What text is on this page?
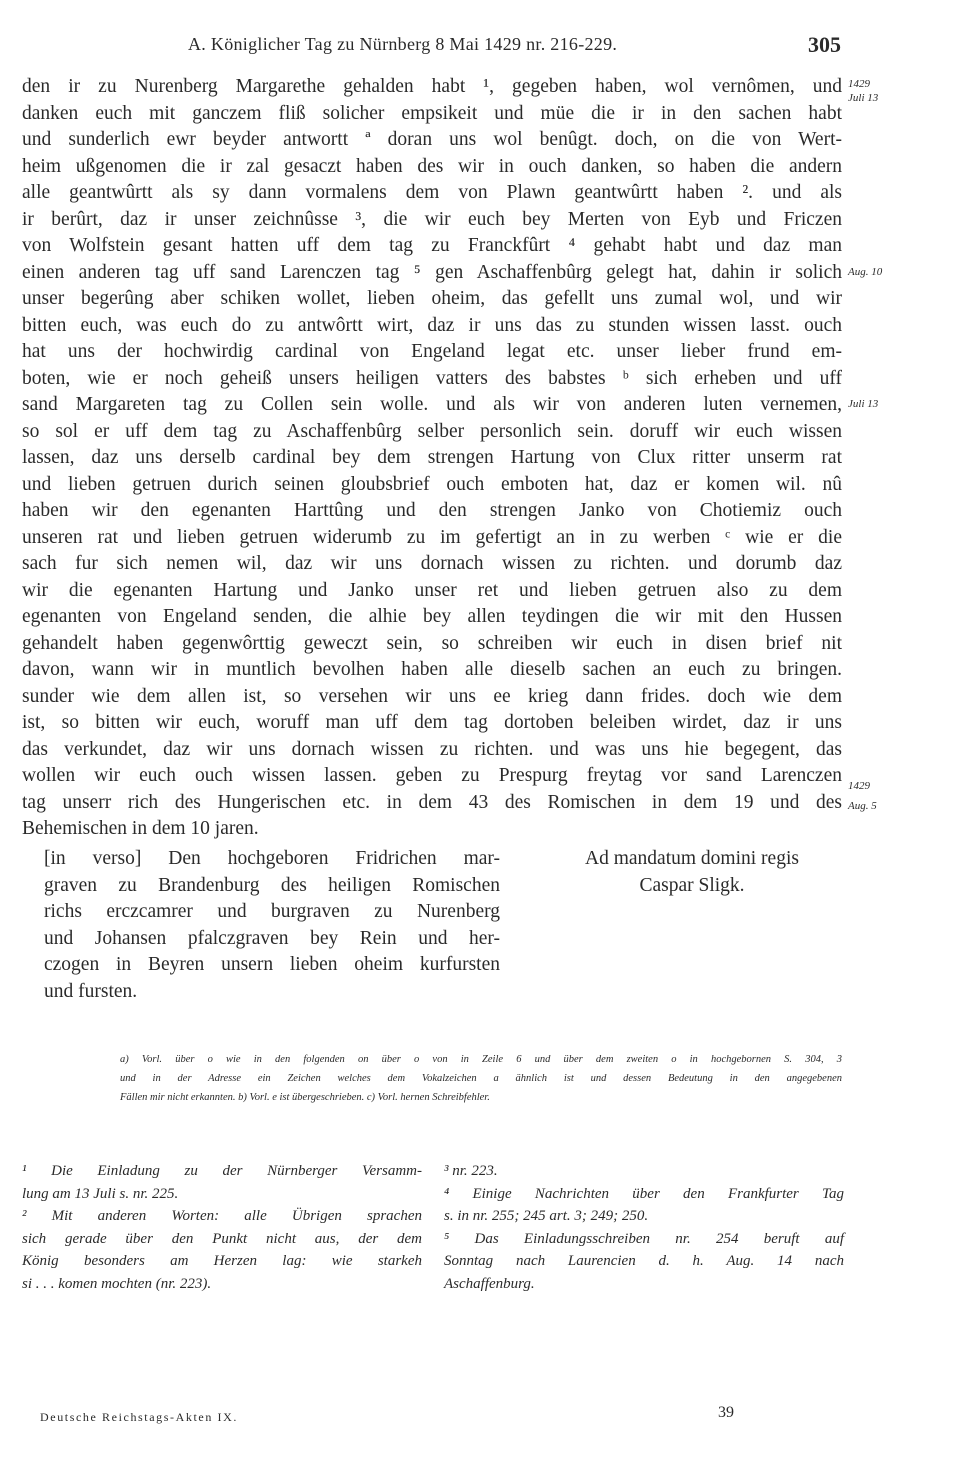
A. Königlicher Tag zu Nürnberg 8 Mai 1429 nr. 216-229.	305
den ir zu Nurenberg Margarethe gehalden habt ¹, gegeben haben, wol vernômen, und
danken euch mit ganczem fliß solicher empsikeit und müe die ir in den sachen habt
und sunderlich ewr beyder antwortt ª doran uns wol benûgt. doch, on die von Wert-
heim ußgenomen die ir zal gesaczt haben des wir in ouch danken, so haben die andern
alle geantwûrtt als sy dann vormalens dem von Plawn geantwûrtt haben ². und als
ir berûrt, daz ir unser zeichnûsse ³, die wir euch bey Merten von Eyb und Friczen
von Wolfstein gesant hatten uff dem tag zu Franckfûrt ⁴ gehabt habt und daz man
einen anderen tag uff sand Larenczen tag ⁵ gen Aschaffenbûrg gelegt hat, dahin ir solich
unser begerûng aber schiken wollet, lieben oheim, das gefellt uns zumal wol, und wir
bitten euch, was euch do zu antwôrtt wirt, daz ir uns das zu stunden wissen lasst. ouch
hat uns der hochwirdig cardinal von Engeland legat etc. unser lieber frund em-
boten, wie er noch geheiß unsers heiligen vatters des babstes ᵇ sich erheben und uff
sand Margareten tag zu Collen sein wolle. und als wir von anderen luten vernemen,
so sol er uff dem tag zu Aschaffenbûrg selber personlich sein. doruff wir euch wissen
lassen, daz uns derselb cardinal bey dem strengen Hartung von Clux ritter unserm rat
und lieben getruen durich seinen gloubsbrief ouch emboten hat, daz er komen wil. nû
haben wir den egenanten Harttûng und den strengen Janko von Chotiemiz ouch
unseren rat und lieben getruen widerumb zu im gefertigt an in zu werben ᶜ wie er die
sach fur sich nemen wil, daz wir uns dornach wissen zu richten. und dorumb daz
wir die egenanten Hartung und Janko unser ret und lieben getruen also zu dem
egenanten von Engeland senden, die alhie bey allen teydingen die wir mit den Hussen
gehandelt haben gegenwôrttig geweczt sein, so schreiben wir euch in disen brief nit
davon, wann wir in muntlich bevolhen haben alle dieselb sachen an euch zu bringen.
sunder wie dem allen ist, so versehen wir uns ee krieg dann frides. doch wie dem
ist, so bitten wir euch, woruff man uff dem tag dortoben beleiben wirdet, daz ir uns
das verkundet, daz wir uns dornach wissen zu richten. und was uns hie begegent, das
wollen wir euch ouch wissen lassen. geben zu Prespurg freytag vor sand Larenczen
tag unserr rich des Hungerischen etc. in dem 43 des Romischen in dem 19 und des
Behemischen in dem 10 jaren.
1429
Juli 13
Aug. 10
Juli 13
1429
Aug. 5
[in verso] Den hochgeboren Fridrichen mar-
graven zu Brandenburg des heiligen Romischen
richs erczcamrer und burgraven zu Nurenberg
und Johansen pfalczgraven bey Rein und her-
czogen in Beyren unsern lieben oheim kurfursten
und fursten.
Ad mandatum domini regis
Caspar Sligk.
a) Vorl. über o wie in den folgenden on über o von in Zeile 6 und über dem zweiten o in hochgebornen S. 304, 3
und in der Adresse ein Zeichen welches dem Vokalzeichen a ähnlich ist und dessen Bedeutung in den angegebenen
Fällen mir nicht erkannten. b) Vorl. e ist übergeschrieben. c) Vorl. hernen Schreibfehler.
¹ Die Einladung zu der Nürnberger Versamm-
lung am 13 Juli s. nr. 225.
² Mit anderen Worten: alle Übrigen sprachen
sich gerade über den Punkt nicht aus, der dem
König besonders am Herzen lag: wie starkeh
si . . . komen mochten (nr. 223).
³ nr. 223.
⁴ Einige Nachrichten über den Frankfurter Tag
s. in nr. 255; 245 art. 3; 249; 250.
⁵ Das Einladungsschreiben nr. 254 beruft auf
Sonntag nach Laurencien d. h. Aug. 14 nach
Aschaffenburg.
Deutsche Reichstags-Akten IX.	39
